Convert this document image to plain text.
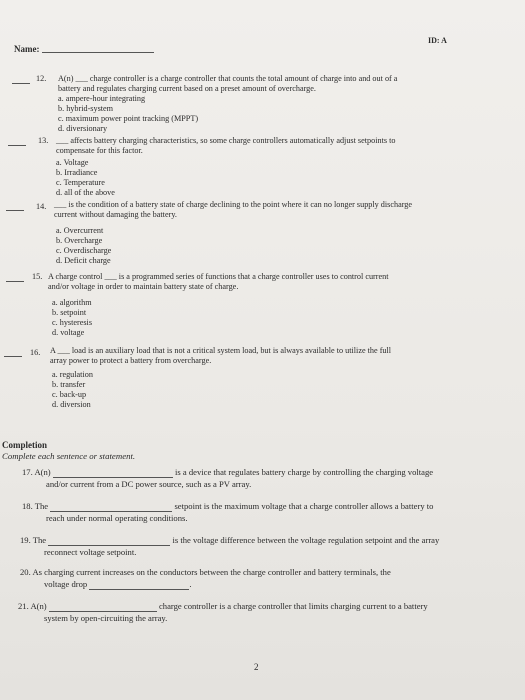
Name:
ID: A
12. A(n) ___ charge controller is a charge controller that counts the total amount of charge into and out of a
battery and regulates charging current based on a preset amount of overcharge.
a. ampere-hour integrating
b. hybrid-system
c. maximum power point tracking (MPPT)
d. diversionary
13. ___ affects battery charging characteristics, so some charge controllers automatically adjust setpoints to
compensate for this factor.
a. Voltage
b. Irradiance
c. Temperature
d. all of the above
14. ___ is the condition of a battery state of charge declining to the point where it can no longer supply discharge
current without damaging the battery.
a. Overcurrent
b. Overcharge
c. Overdischarge
d. Deficit charge
15. A charge control ___ is a programmed series of functions that a charge controller uses to control current
and/or voltage in order to maintain battery state of charge.
a. algorithm
b. setpoint
c. hysteresis
d. voltage
16. A ___ load is an auxiliary load that is not a critical system load, but is always available to utilize the full
array power to protect a battery from overcharge.
a. regulation
b. transfer
c. back-up
d. diversion
Completion
Complete each sentence or statement.
17. A(n)	is a device that regulates battery charge by controlling the charging voltage
and/or current from a DC power source, such as a PV array.
18. The	setpoint is the maximum voltage that a charge controller allows a battery to
reach under normal operating conditions.
19. The	is the voltage difference between the voltage regulation setpoint and the array
reconnect voltage setpoint.
20. As charging current increases on the conductors between the charge controller and battery terminals, the
voltage drop	.
21. A(n)	charge controller is a charge controller that limits charging current to a battery
system by open-circuiting the array.
2
